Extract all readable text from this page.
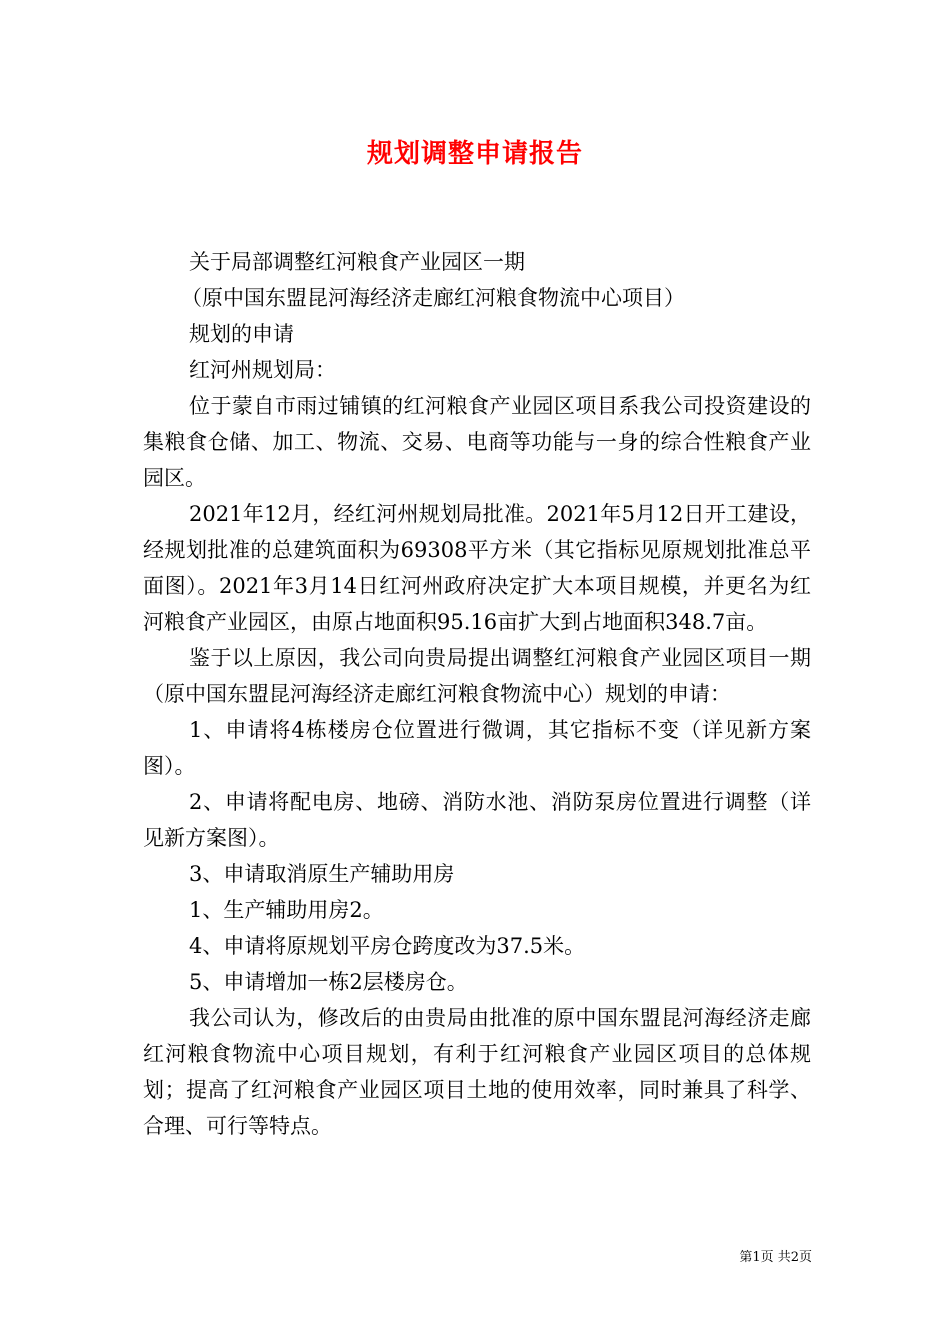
规划调整申请报告

关于局部调整红河粮食产业园区一期

（原中国东盟昆河海经济走廊红河粮食物流中心项目）

规划的申请

红河州规划局：

位于蒙自市雨过铺镇的红河粮食产业园区项目系我公司投资建设的集粮食仓储、加工、物流、交易、电商等功能与一身的综合性粮食产业园区。

2021年12月，经红河州规划局批准。2021年5月12日开工建设，经规划批准的总建筑面积为69308平方米（其它指标见原规划批准总平面图）。2021年3月14日红河州政府决定扩大本项目规模，并更名为红河粮食产业园区，由原占地面积95.16亩扩大到占地面积348.7亩。

鉴于以上原因，我公司向贵局提出调整红河粮食产业园区项目一期（原中国东盟昆河海经济走廊红河粮食物流中心）规划的申请：

1、申请将4栋楼房仓位置进行微调，其它指标不变（详见新方案图）。

2、申请将配电房、地磅、消防水池、消防泵房位置进行调整（详见新方案图）。

3、申请取消原生产辅助用房

1、生产辅助用房2。

4、申请将原规划平房仓跨度改为37.5米。

5、申请增加一栋2层楼房仓。

我公司认为，修改后的由贵局由批准的原中国东盟昆河海经济走廊红河粮食物流中心项目规划，有利于红河粮食产业园区项目的总体规划；提高了红河粮食产业园区项目土地的使用效率，同时兼具了科学、合理、可行等特点。

第1页 共2页
